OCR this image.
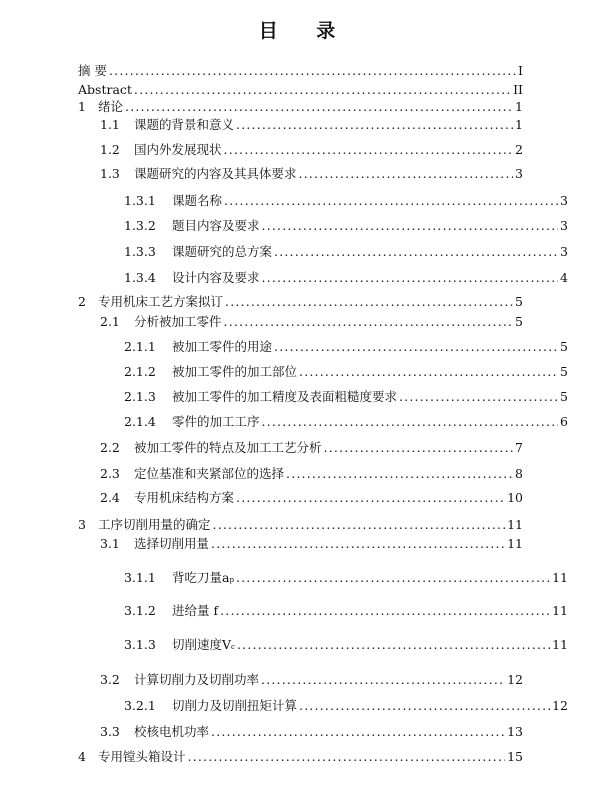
目 录
摘 要 .....	I
Abstract .....	II
1 绪论 .....	1
1.1	课题的背景和意义 .....	1
1.2	国内外发展现状 .....	2
1.3	课题研究的内容及其具体要求 .....	3
1.3.1	课题名称 .....	3
1.3.2	题目内容及要求 .....	3
1.3.3	课题研究的总方案 .....	3
1.3.4	设计内容及要求 .....	4
2 专用机床工艺方案拟订 .....	5
2.1	分析被加工零件 .....	5
2.1.1	被加工零件的用途 .....	5
2.1.2	被加工零件的加工部位 .....	5
2.1.3	被加工零件的加工精度及表面粗糙度要求 .....	5
2.1.4	零件的加工工序 .....	6
2.2	被加工零件的特点及加工工艺分析 .....	7
2.3	定位基准和夹紧部位的选择 .....	8
2.4	专用机床结构方案 .....	10
3 工序切削用量的确定 .....	11
3.1	选择切削用量 .....	11
3.1.1	背吃刀量a p .....	11
3.1.2	进给量 f .....	11
3.1.3	切削速度V c .....	11
3.2	计算切削力及切削功率 .....	12
3.2.1	切削力及切削扭矩计算 .....	12
3.3	校核电机功率 .....	13
4 专用镗头箱设计 .....	15
